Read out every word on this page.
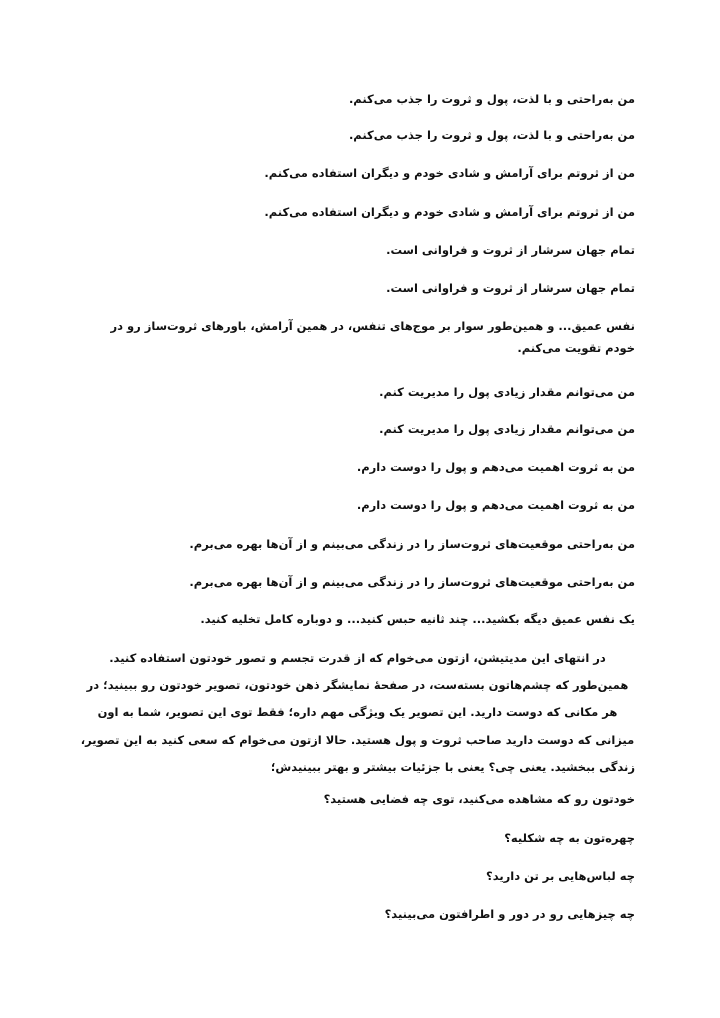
من به‌راحتی و با لذت، پول و ثروت را جذب می‌کنم.
من به‌راحتی و با لذت، پول و ثروت را جذب می‌کنم.
من از ثروتم برای آرامش و شادی خودم و دیگران استفاده می‌کنم.
من از ثروتم برای آرامش و شادی خودم و دیگران استفاده می‌کنم.
تمام جهان سرشار از ثروت و فراوانی است.
تمام جهان سرشار از ثروت و فراوانی است.
نفس عمیق... و همین‌طور سوار بر موج‌های تنفس، در همین آرامش، باورهای ثروت‌ساز رو در خودم تقویت می‌کنم.
من می‌توانم مقدار زیادی پول را مدیریت کنم.
من می‌توانم مقدار زیادی پول را مدیریت کنم.
من به ثروت اهمیت می‌دهم و پول را دوست دارم.
من به ثروت اهمیت می‌دهم و پول را دوست دارم.
من به‌راحتی موقعیت‌های ثروت‌ساز را در زندگی می‌بینم و از آن‌ها بهره می‌برم.
من به‌راحتی موقعیت‌های ثروت‌ساز را در زندگی می‌بینم و از آن‌ها بهره می‌برم.
یک نفس عمیق دیگه بکشید... چند ثانیه حبس کنید... و دوباره کامل تخلیه کنید.
در انتهای این مدیتیشن، ازتون می‌خوام که از قدرت تجسم و تصور خودتون استفاده کنید. همین‌طور که چشم‌هاتون بسته‌ست، در صفحهٔ نمایشگر ذهن خودتون، تصویر خودتون رو ببینید؛ در هر مکانی که دوست دارید. این تصویر یک ویژگی مهم داره؛ فقط توی این تصویر، شما به اون میزانی که دوست دارید صاحب ثروت و پول هستید. حالا ازتون می‌خوام که سعی کنید به این تصویر، زندگی ببخشید. یعنی چی؟ یعنی با جزئیات بیشتر و بهتر ببینیدش؛
خودتون رو که مشاهده می‌کنید، توی چه فضایی هستید؟
چهره‌تون به چه شکلیه؟
چه لباس‌هایی بر تن دارید؟
چه چیزهایی رو در دور و اطرافتون می‌بینید؟
